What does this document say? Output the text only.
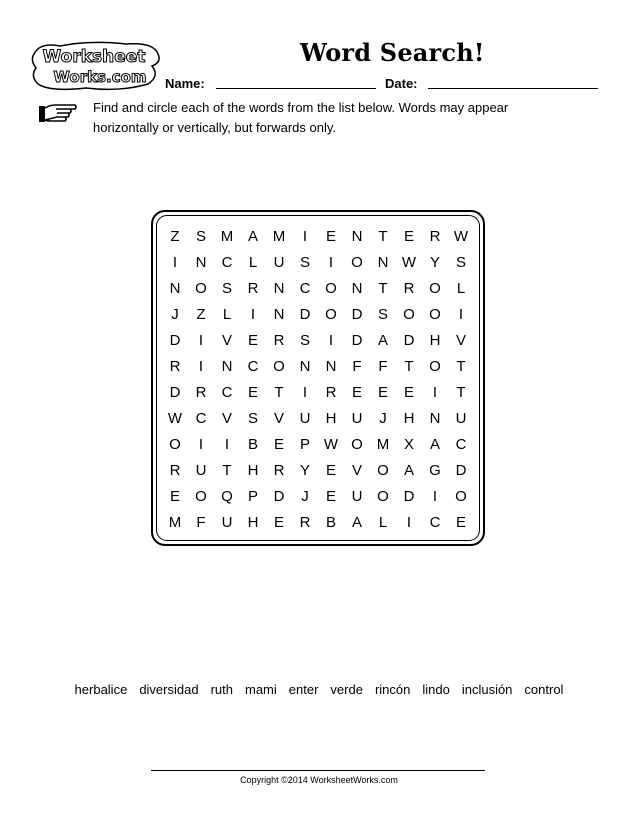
Worksheet
Works.com
Word Search!
Name:	Date:
Find and circle each of the words from the list below. Words may appear horizontally or vertically, but forwards only.
Z	S M A M	I	E	N	T	E	R W
I	N	C	L	U	S	I	O N W Y	S
N O	S	R	N	C O N	T	R O	L
J	Z	L	I	N	D O D	S	O O	I
D	I	V	E	R	S	I	D	A	D	H	V
R	I	N	C O N	N	F	F	T	O	T
D	R	C	E	T	I	R	E	E	E	I	T
W C	V	S	V	U	H	U	J	H	N	U
O	I	I	B	E	P W O M X	A	C
R	U	T	H	R	Y	E	V	O	A	G D
E	O Q	P	D	J	E	U O D	I	O
M	F	U	H	E	R	B	A	L	I	C	E
herbalice diversidad ruth mami enter verde rincón lindo inclusión control
Copyright ©2014 WorksheetWorks.com
